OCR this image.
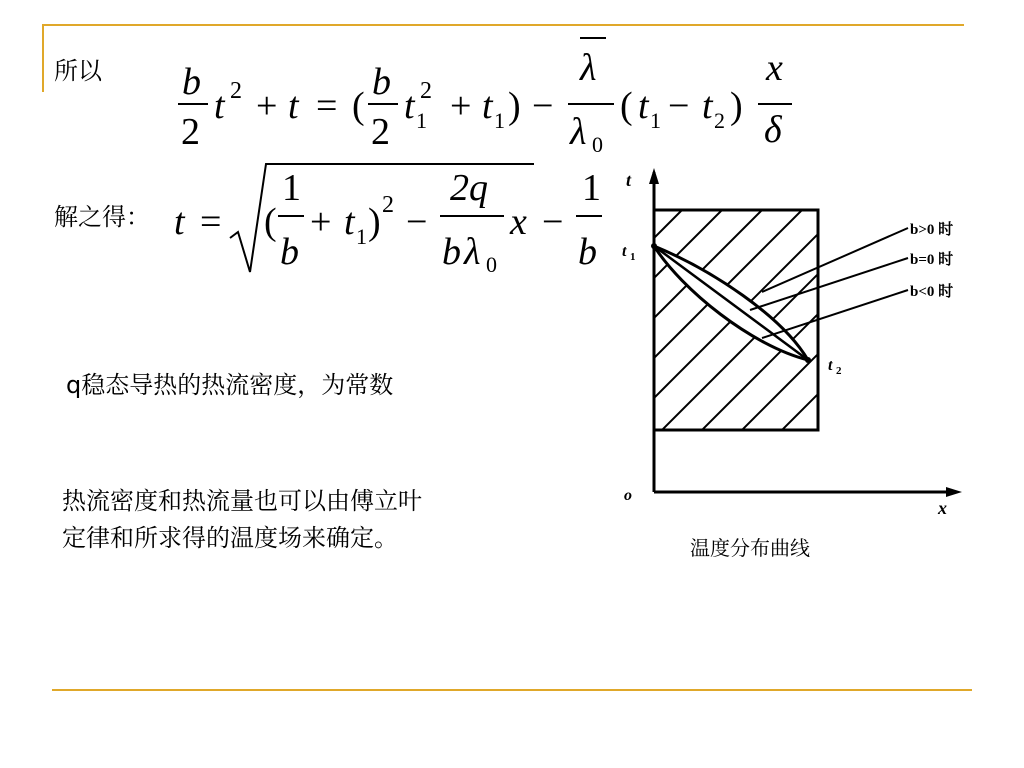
所以
解之得：
q稳态导热的热流密度，为常数
热流密度和热流量也可以由傅立叶
定律和所求得的温度场来确定。
b
2
t 2 + t = (
b
2
t 1
2 + t 1 ) −
λ
λ 0
( t 1 − t 2 )
x
δ
t = (
1
b
+ t 1 ) 2 −
2q
b λ 0
x −
1
b
t
t 1
t 2
o
x
b>0 时
b=0 时
b<0 时
温度分布曲线
